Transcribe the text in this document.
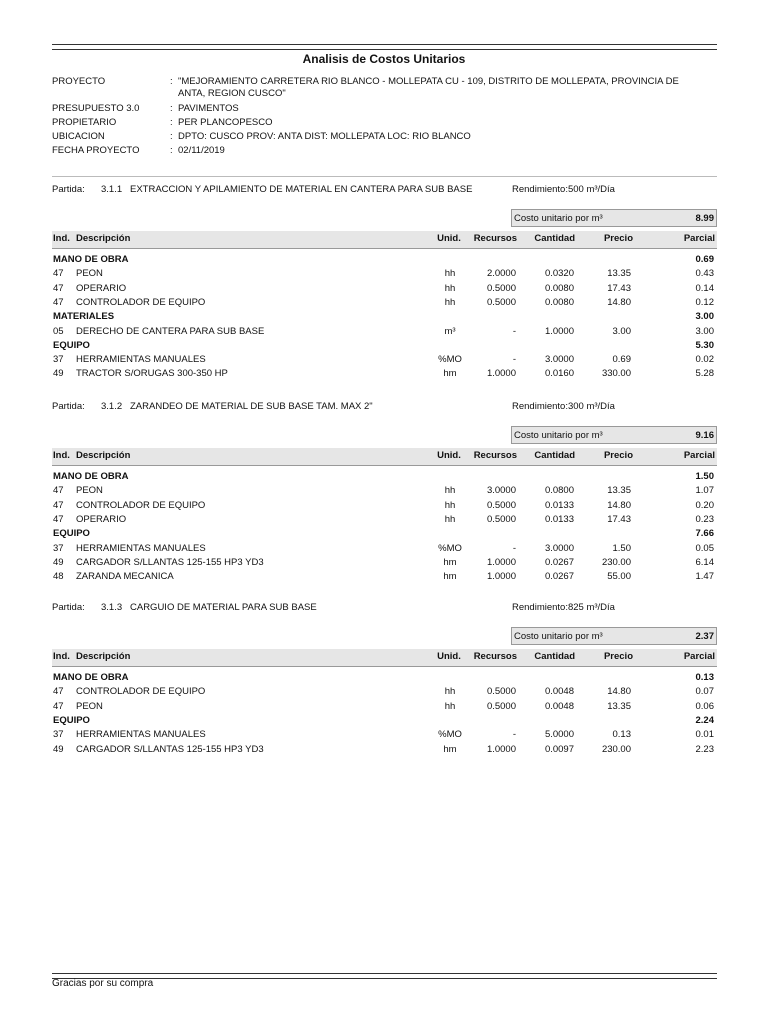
Analisis de Costos Unitarios
PROYECTO	: "MEJORAMIENTO CARRETERA RIO BLANCO - MOLLEPATA CU - 109, DISTRITO DE MOLLEPATA, PROVINCIA DE ANTA, REGION CUSCO"
PRESUPUESTO 3.0	: PAVIMENTOS
PROPIETARIO	: PER PLANCOPESCO
UBICACION	: DPTO: CUSCO PROV: ANTA DIST: MOLLEPATA LOC: RIO BLANCO
FECHA PROYECTO	: 02/11/2019
Partida: 3.1.1 EXTRACCION Y APILAMIENTO DE MATERIAL EN CANTERA PARA SUB BASE	Rendimiento:500 m³/Día
Costo unitario por m³	8.99
Ind. Descripción	Unid.	Recursos Cantidad	Precio	Parcial
MANO DE OBRA	0.69
47 PEON	hh	2.0000	0.0320	13.35	0.43
47 OPERARIO	hh	0.5000	0.0080	17.43	0.14
47 CONTROLADOR DE EQUIPO	hh	0.5000	0.0080	14.80	0.12
MATERIALES	3.00
05 DERECHO DE CANTERA PARA SUB BASE	m³	-	1.0000	3.00	3.00
EQUIPO	5.30
37 HERRAMIENTAS MANUALES	%MO	-	3.0000	0.69	0.02
49 TRACTOR S/ORUGAS 300-350 HP	hm	1.0000	0.0160	330.00	5.28
Partida: 3.1.2 ZARANDEO DE MATERIAL DE SUB BASE TAM. MAX 2"	Rendimiento:300 m³/Día
Costo unitario por m³	9.16
Ind. Descripción	Unid.	Recursos Cantidad	Precio	Parcial
MANO DE OBRA	1.50
47 PEON	hh	3.0000	0.0800	13.35	1.07
47 CONTROLADOR DE EQUIPO	hh	0.5000	0.0133	14.80	0.20
47 OPERARIO	hh	0.5000	0.0133	17.43	0.23
EQUIPO	7.66
37 HERRAMIENTAS MANUALES	%MO	-	3.0000	1.50	0.05
49 CARGADOR S/LLANTAS 125-155 HP3 YD3	hm	1.0000	0.0267	230.00	6.14
48 ZARANDA MECANICA	hm	1.0000	0.0267	55.00	1.47
Partida: 3.1.3 CARGUIO DE MATERIAL PARA SUB BASE	Rendimiento:825 m³/Día
Costo unitario por m³	2.37
Ind. Descripción	Unid.	Recursos Cantidad	Precio	Parcial
MANO DE OBRA	0.13
47 CONTROLADOR DE EQUIPO	hh	0.5000	0.0048	14.80	0.07
47 PEON	hh	0.5000	0.0048	13.35	0.06
EQUIPO	2.24
37 HERRAMIENTAS MANUALES	%MO	-	5.0000	0.13	0.01
49 CARGADOR S/LLANTAS 125-155 HP3 YD3	hm	1.0000	0.0097	230.00	2.23
Gracias por su compra
